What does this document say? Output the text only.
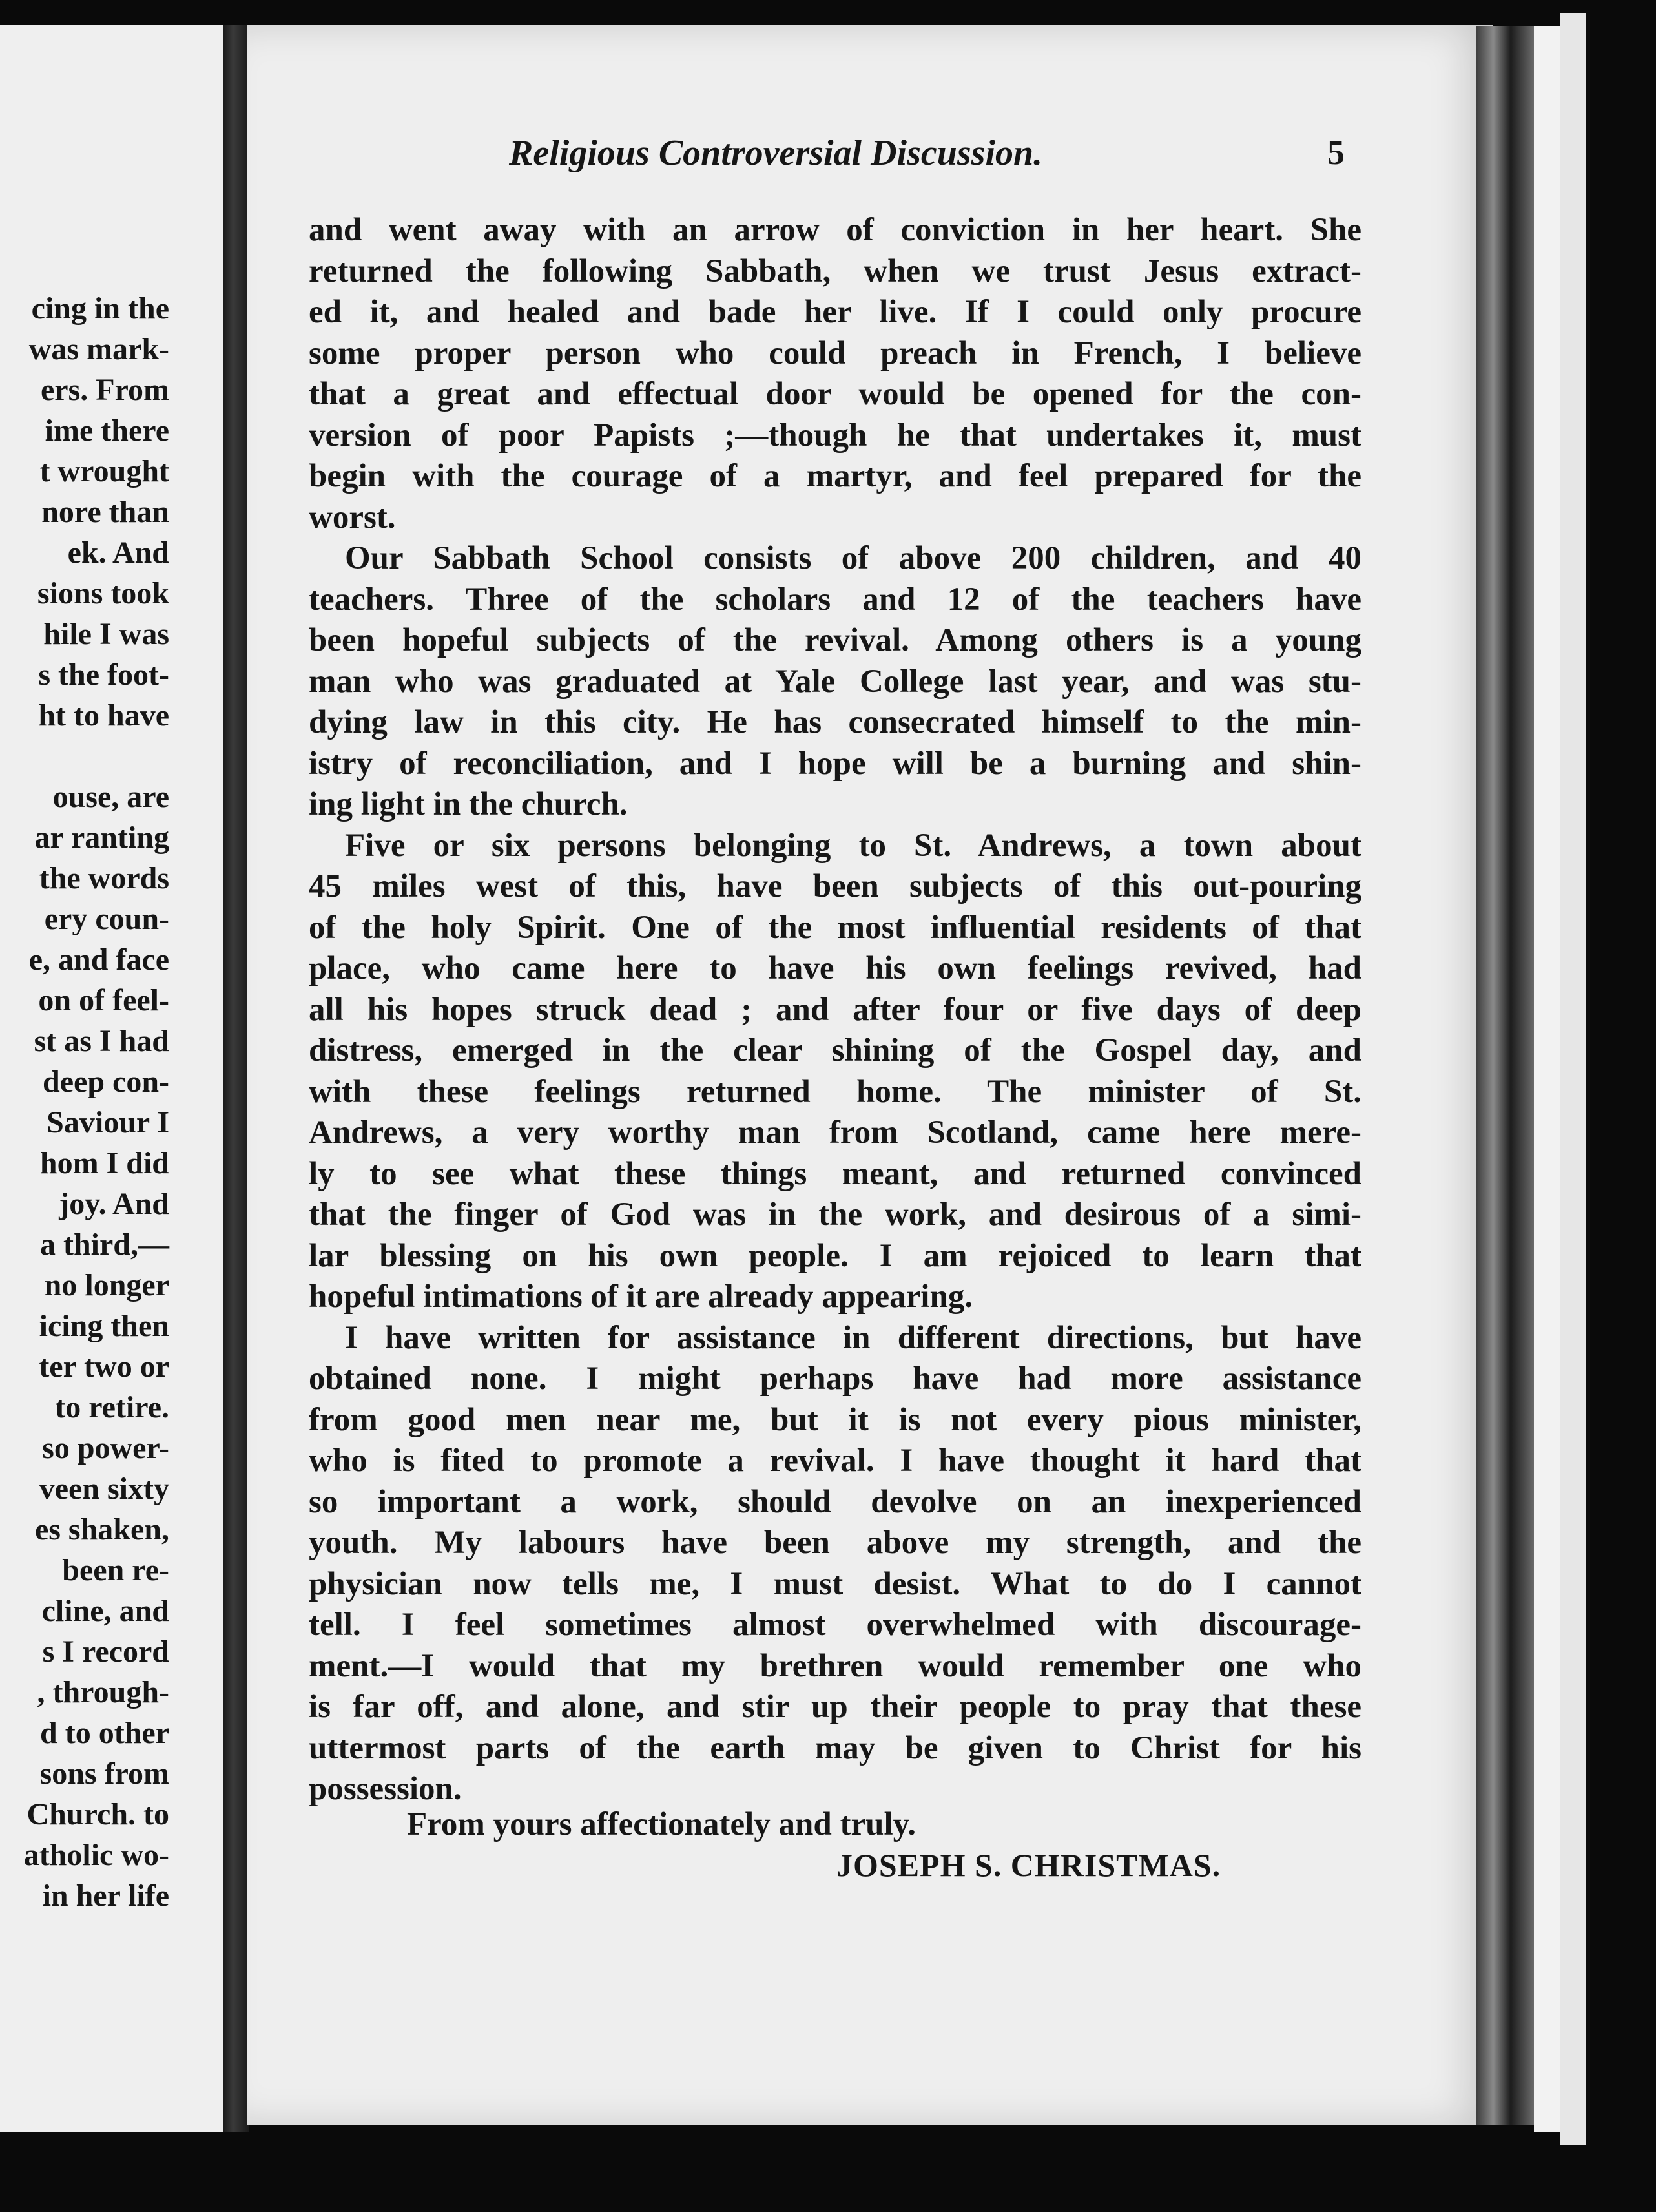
cing in the
was mark-
ers. From
ime there
t wrought
nore than
ek. And
sions took
hile I was
s the foot-
ht to have
ouse, are
ar ranting
the words
ery coun-
e, and face
on of feel-
st as I had
deep con-
Saviour I
hom I did
joy. And
a third,—
no longer
icing then
ter two or
to retire.
so power-
veen sixty
es shaken,
been re-
cline, and
s I record
, through-
d to other
sons from
Church. to
atholic wo-
in her life
Religious Controversial Discussion.	5
and went away with an arrow of conviction in her heart. She
returned the following Sabbath, when we trust Jesus extract-
ed it, and healed and bade her live. If I could only procure
some proper person who could preach in French, I believe
that a great and effectual door would be opened for the con-
version of poor Papists ;—though he that undertakes it, must
begin with the courage of a martyr, and feel prepared for the
worst.
Our Sabbath School consists of above 200 children, and 40
teachers. Three of the scholars and 12 of the teachers have
been hopeful subjects of the revival. Among others is a young
man who was graduated at Yale College last year, and was stu-
dying law in this city. He has consecrated himself to the min-
istry of reconciliation, and I hope will be a burning and shin-
ing light in the church.
Five or six persons belonging to St. Andrews, a town about
45 miles west of this, have been subjects of this out-pouring
of the holy Spirit. One of the most influential residents of that
place, who came here to have his own feelings revived, had
all his hopes struck dead ; and after four or five days of deep
distress, emerged in the clear shining of the Gospel day, and
with these feelings returned home. The minister of St.
Andrews, a very worthy man from Scotland, came here mere-
ly to see what these things meant, and returned convinced
that the finger of God was in the work, and desirous of a simi-
lar blessing on his own people. I am rejoiced to learn that
hopeful intimations of it are already appearing.
I have written for assistance in different directions, but have
obtained none. I might perhaps have had more assistance
from good men near me, but it is not every pious minister,
who is fited to promote a revival. I have thought it hard that
so important a work, should devolve on an inexperienced
youth. My labours have been above my strength, and the
physician now tells me, I must desist. What to do I cannot
tell. I feel sometimes almost overwhelmed with discourage-
ment.—I would that my brethren would remember one who
is far off, and alone, and stir up their people to pray that these
uttermost parts of the earth may be given to Christ for his
possession.
From yours affectionately and truly.
JOSEPH S. CHRISTMAS.
